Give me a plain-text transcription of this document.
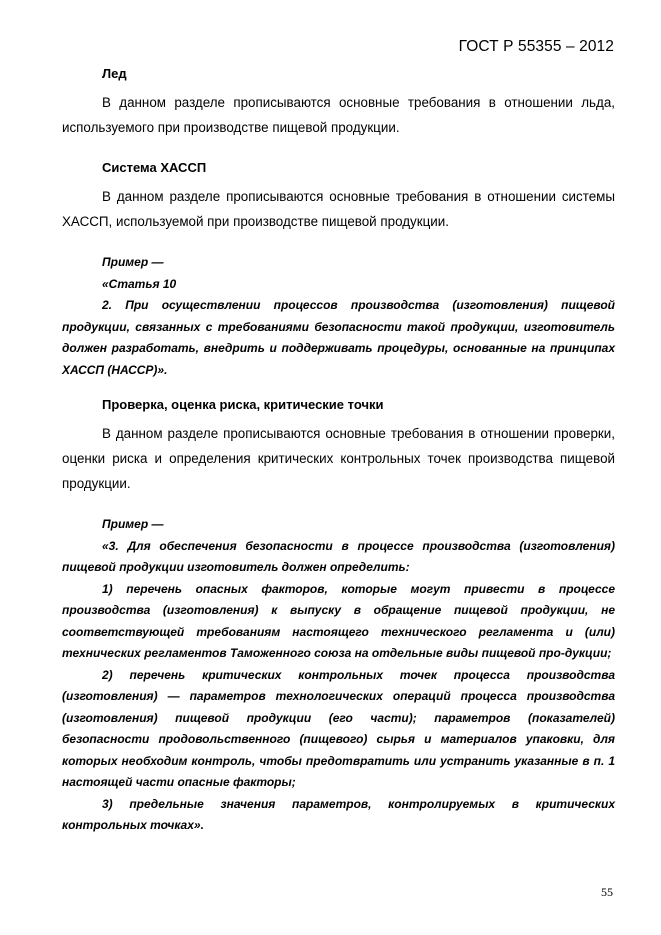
ГОСТ Р 55355 – 2012
Лед

В данном разделе прописываются основные требования в отношении льда, используемого при производстве пищевой продукции.

Система ХАССП

В данном разделе прописываются основные требования в отношении системы ХАССП, используемой при производстве пищевой продукции.

Пример —

«Статья 10

2. При осуществлении процессов производства (изготовления) пищевой продукции, связанных с требованиями безопасности такой продукции, изготовитель должен разработать, внедрить и поддерживать процедуры, основанные на принципах ХАССП (НАССР)».

Проверка, оценка риска, критические точки

В данном разделе прописываются основные требования в отношении проверки, оценки риска и определения критических контрольных точек производства пищевой продукции.

Пример —

«3. Для обеспечения безопасности в процессе производства (изготовления) пищевой продукции изготовитель должен определить:

1) перечень опасных факторов, которые могут привести в процессе производства (изготовления) к выпуску в обращение пищевой продукции, не соответствующей требованиям настоящего технического регламента и (или) технических регламентов Таможенного союза на отдельные виды пищевой про-дукции;

2) перечень критических контрольных точек процесса производства (изготовления) — параметров технологических операций процесса производства (изготовления) пищевой продукции (его части); параметров (показателей) безопасности продовольственного (пищевого) сырья и материалов упаковки, для которых необходим контроль, чтобы предотвратить или устранить указанные в п. 1 настоящей части опасные факторы;

3) предельные значения параметров, контролируемых в критических контрольных точках».

55
